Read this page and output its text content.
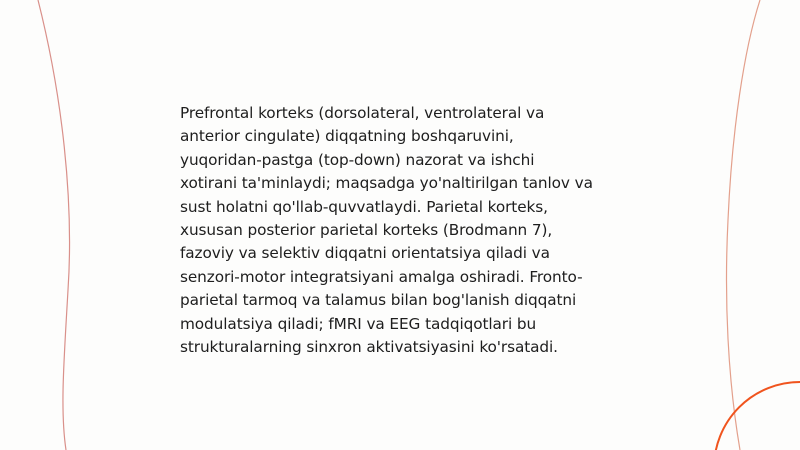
Prefrontal korteks (dorsolateral, ventrolateral va
anterior cingulate) diqqatning boshqaruvini,
yuqoridan-pastga (top-down) nazorat va ishchi
xotirani ta'minlaydi; maqsadga yo'naltirilgan tanlov va
sust holatni qo'llab-quvvatlaydi. Parietal korteks,
xususan posterior parietal korteks (Brodmann 7),
fazoviy va selektiv diqqatni orientatsiya qiladi va
senzori-motor integratsiyani amalga oshiradi. Fronto-
parietal tarmoq va talamus bilan bog'lanish diqqatni
modulatsiya qiladi; fMRI va EEG tadqiqotlari bu
strukturalarning sinxron aktivatsiyasini ko'rsatadi.
